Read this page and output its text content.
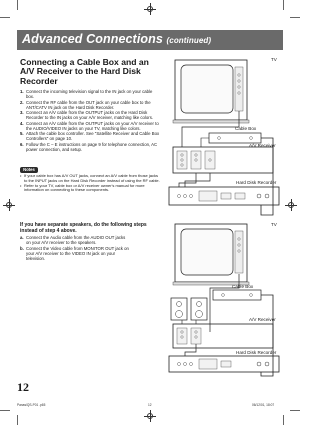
Advanced Connections (continued)
Connecting a Cable Box and an A/V Receiver to the Hard Disk Recorder
1. Connect the incoming television signal to the IN jack on your cable box.
2. Connect the RF cable from the OUT jack on your cable box to the ANT/CATV IN jack on the Hard Disk Recorder.
3. Connect an A/V cable from the OUTPUT jacks on the Hard Disk Recorder to the IN jacks on your A/V receiver, matching like colors.
4. Connect an A/V cable from the OUTPUT jacks on your A/V receiver to the AUDIO/VIDEO IN jacks on your TV, matching like colors.
5. Attach the cable box controller. See "Satellite Receiver and Cable Box Controllers" on page 10.
6. Follow the C – E instructions on page 9 for telephone connection, AC power connection, and setup.
Notes
• If your cable box has A/V OUT jacks, connect an A/V cable from those jacks to the INPUT jacks on the Hard Disk Recorder instead of using the RF cable.
• Refer to your TV, cable box or A/V receiver owner's manual for more information on connecting to these components.
If you have separate speakers, do the following steps instead of step 4 above.
a. Connect the Audio cable from the AUDIO OUT jacks on your A/V receiver to the speakers.
b. Connect the Video cable from MONITOR OUT jack on your A/V receiver to the VIDEO IN jack on your television.
TV
Cable Box
A/V Receiver
Hard Disk Recorder
TV
Cable Box
A/V Receiver
Hard Disk Recorder
12
Panas/QS-P01 .p65	12	06/12/01, 18:07
